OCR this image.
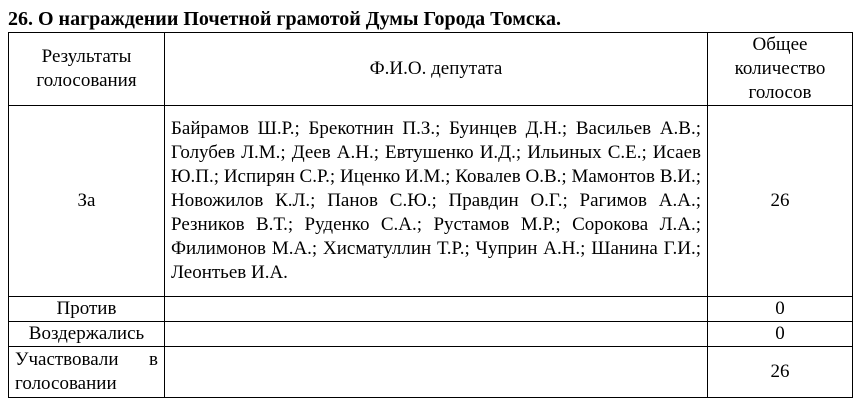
26. О награждении Почетной грамотой Думы Города Томска.
Результаты голосования	Ф.И.О. депутата	Общее количество голосов
За	Байрамов Ш.Р.; Брекотнин П.З.; Буинцев Д.Н.; Васильев А.В.; Голубев Л.М.; Деев А.Н.; Евтушенко И.Д.; Ильиных С.Е.; Исаев Ю.П.; Испирян С.Р.; Иценко И.М.; Ковалев О.В.; Мамонтов В.И.; Новожилов К.Л.; Панов С.Ю.; Правдин О.Г.; Рагимов А.А.; Резников В.Т.; Руденко С.А.; Рустамов М.Р.; Сорокова Л.А.; Филимонов М.А.; Хисматуллин Т.Р.; Чуприн А.Н.; Шанина Г.И.; Леонтьев И.А.	26
Против		0
Воздержались		0
Участвовали в голосовании		26
